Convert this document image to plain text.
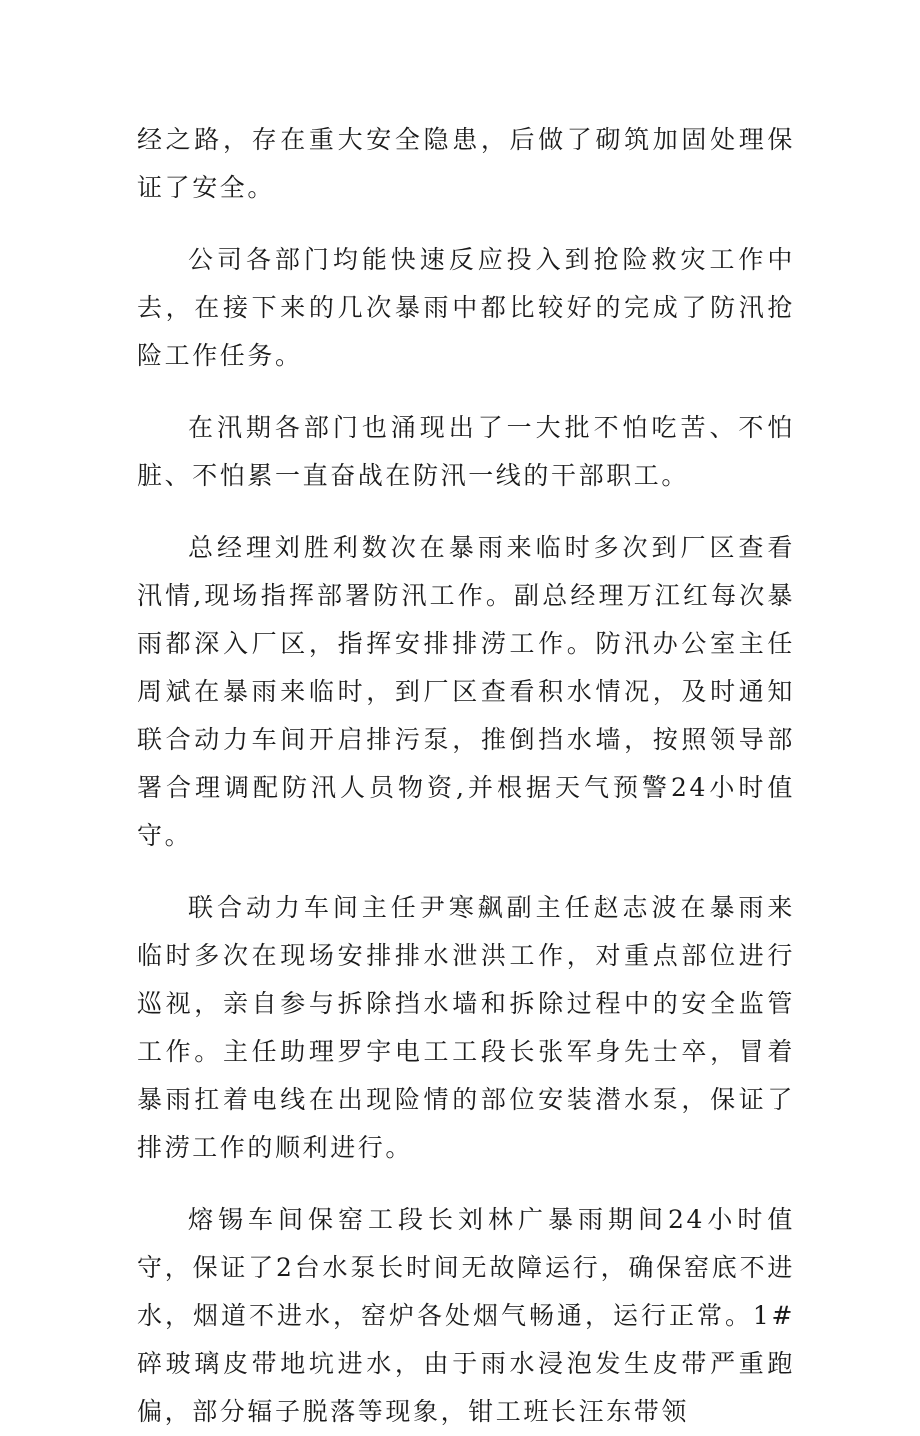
经之路，存在重大安全隐患，后做了砌筑加固处理保证了安全。

公司各部门均能快速反应投入到抢险救灾工作中去，在接下来的几次暴雨中都比较好的完成了防汛抢险工作任务。

在汛期各部门也涌现出了一大批不怕吃苦、不怕脏、不怕累一直奋战在防汛一线的干部职工。

总经理刘胜利数次在暴雨来临时多次到厂区查看汛情,现场指挥部署防汛工作。副总经理万江红每次暴雨都深入厂区，指挥安排排涝工作。防汛办公室主任周斌在暴雨来临时，到厂区查看积水情况，及时通知联合动力车间开启排污泵，推倒挡水墙，按照领导部署合理调配防汛人员物资,并根据天气预警24小时值守。

联合动力车间主任尹寒飙副主任赵志波在暴雨来临时多次在现场安排排水泄洪工作，对重点部位进行巡视，亲自参与拆除挡水墙和拆除过程中的安全监管工作。主任助理罗宇电工工段长张军身先士卒，冒着暴雨扛着电线在出现险情的部位安装潜水泵，保证了排涝工作的顺利进行。

熔锡车间保窑工段长刘林广暴雨期间24小时值守，保证了2台水泵长时间无故障运行，确保窑底不进水，烟道不进水，窑炉各处烟气畅通，运行正常。1#碎玻璃皮带地坑进水，由于雨水浸泡发生皮带严重跑偏，部分辐子脱落等现象，钳工班长汪东带领
